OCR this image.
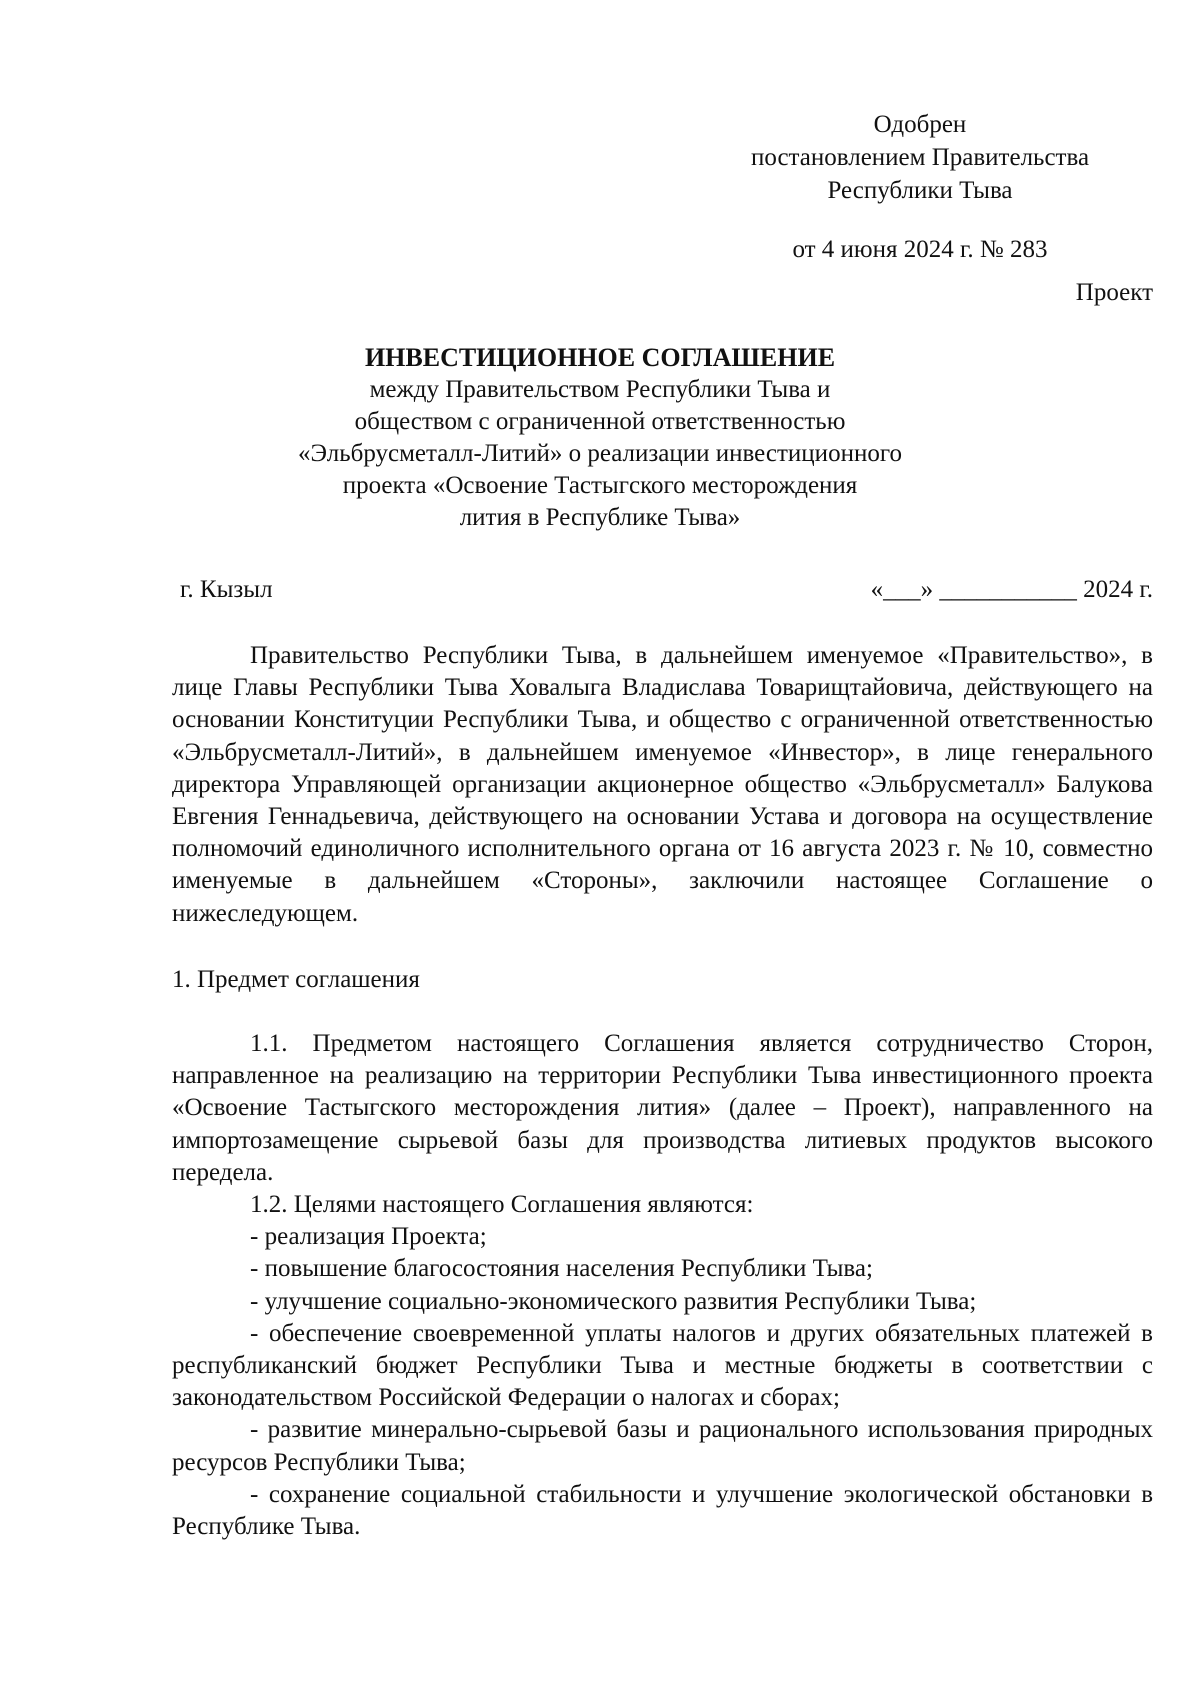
Одобрен
постановлением Правительства
Республики Тыва
от 4 июня 2024 г. № 283
Проект
ИНВЕСТИЦИОННОЕ СОГЛАШЕНИЕ
между Правительством Республики Тыва и
обществом с ограниченной ответственностью
«Эльбрусметалл-Литий» о реализации инвестиционного
проекта «Освоение Тастыгского месторождения
лития в Республике Тыва»
г. Кызыл	«___» ___________ 2024 г.

Правительство Республики Тыва, в дальнейшем именуемое «Правительство», в лице Главы Республики Тыва Ховалыга Владислава Товарищтайовича, действующего на основании Конституции Республики Тыва, и общество с ограниченной ответственностью «Эльбрусметалл-Литий», в дальнейшем именуемое «Инвестор», в лице генерального директора Управляющей организации акционерное общество «Эльбрусметалл» Балукова Евгения Геннадьевича, действующего на основании Устава и договора на осуществление полномочий единоличного исполнительного органа от 16 августа 2023 г. № 10, совместно именуемые в дальнейшем «Стороны», заключили настоящее Соглашение о нижеследующем.

1. Предмет соглашения

1.1. Предметом настоящего Соглашения является сотрудничество Сторон, направленное на реализацию на территории Республики Тыва инвестиционного проекта «Освоение Тастыгского месторождения лития» (далее – Проект), направленного на импортозамещение сырьевой базы для производства литиевых продуктов высокого передела.

1.2. Целями настоящего Соглашения являются:

- реализация Проекта;

- повышение благосостояния населения Республики Тыва;

- улучшение социально-экономического развития Республики Тыва;

- обеспечение своевременной уплаты налогов и других обязательных платежей в республиканский бюджет Республики Тыва и местные бюджеты в соответствии с законодательством Российской Федерации о налогах и сборах;

- развитие минерально-сырьевой базы и рационального использования природных ресурсов Республики Тыва;

- сохранение социальной стабильности и улучшение экологической обстановки в Республике Тыва.
